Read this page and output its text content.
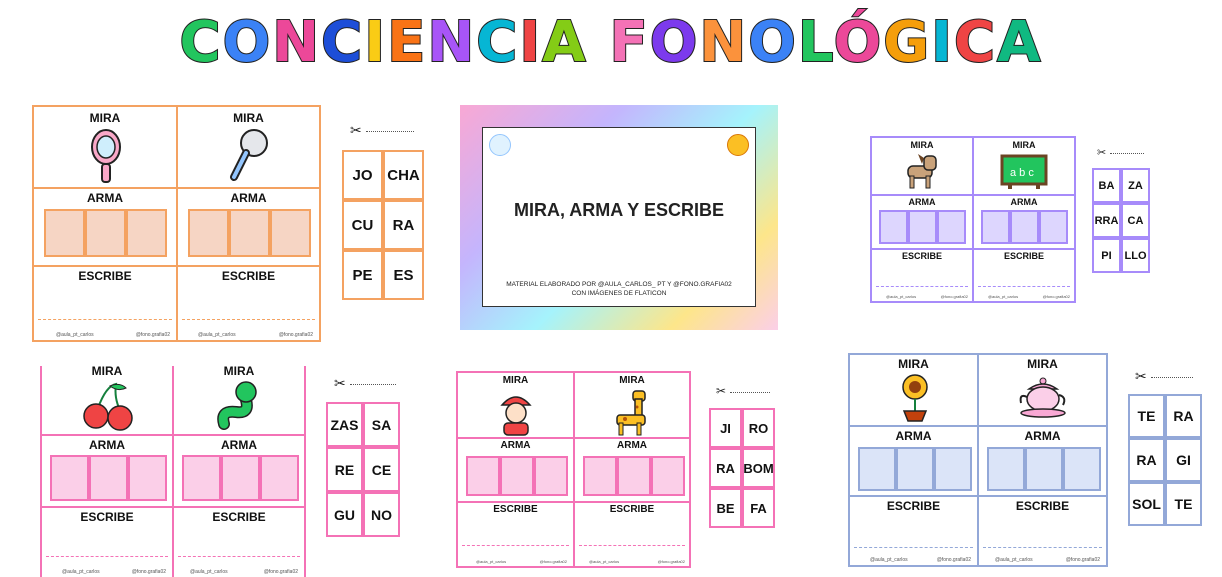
CONCIENCIA FONOLÓGICA
MIRA
ARMA
ESCRIBE
@aula_pt_carlos	@fono.grafia02
MIRA
ARMA
ESCRIBE
@aula_pt_carlos	@fono.grafia02
✂
JO CHA
CU	RA
PE	ES
MIRA, ARMA Y ESCRIBE
MATERIAL ELABORADO POR @AULA_CARLOS_ PT Y @FONO.GRAFIA02
CON IMÁGENES DE FLATICON
MIRA
ARMA
ESCRIBE
@aula_pt_carlos	@fono.grafia02
MIRA
a b c
ARMA
ESCRIBE
@aula_pt_carlos	@fono.grafia02
✂
BA	ZA
RRA CA
PI	LLO
MIRA
ARMA
ESCRIBE
@aula_pt_carlos	@fono.grafia02
MIRA
ARMA
ESCRIBE
@aula_pt_carlos	@fono.grafia02
✂
ZAS SA
RE	CE
GU	NO
MIRA
ARMA
ESCRIBE
@aula_pt_carlos	@fono.grafia02
MIRA
ARMA
ESCRIBE
@aula_pt_carlos	@fono.grafia02
✂
JI	RO
RA BOM
BE	FA
MIRA
ARMA
ESCRIBE
@aula_pt_carlos	@fono.grafia02
MIRA
ARMA
ESCRIBE
@aula_pt_carlos	@fono.grafia02
✂
TE	RA
RA	GI
SOL TE
